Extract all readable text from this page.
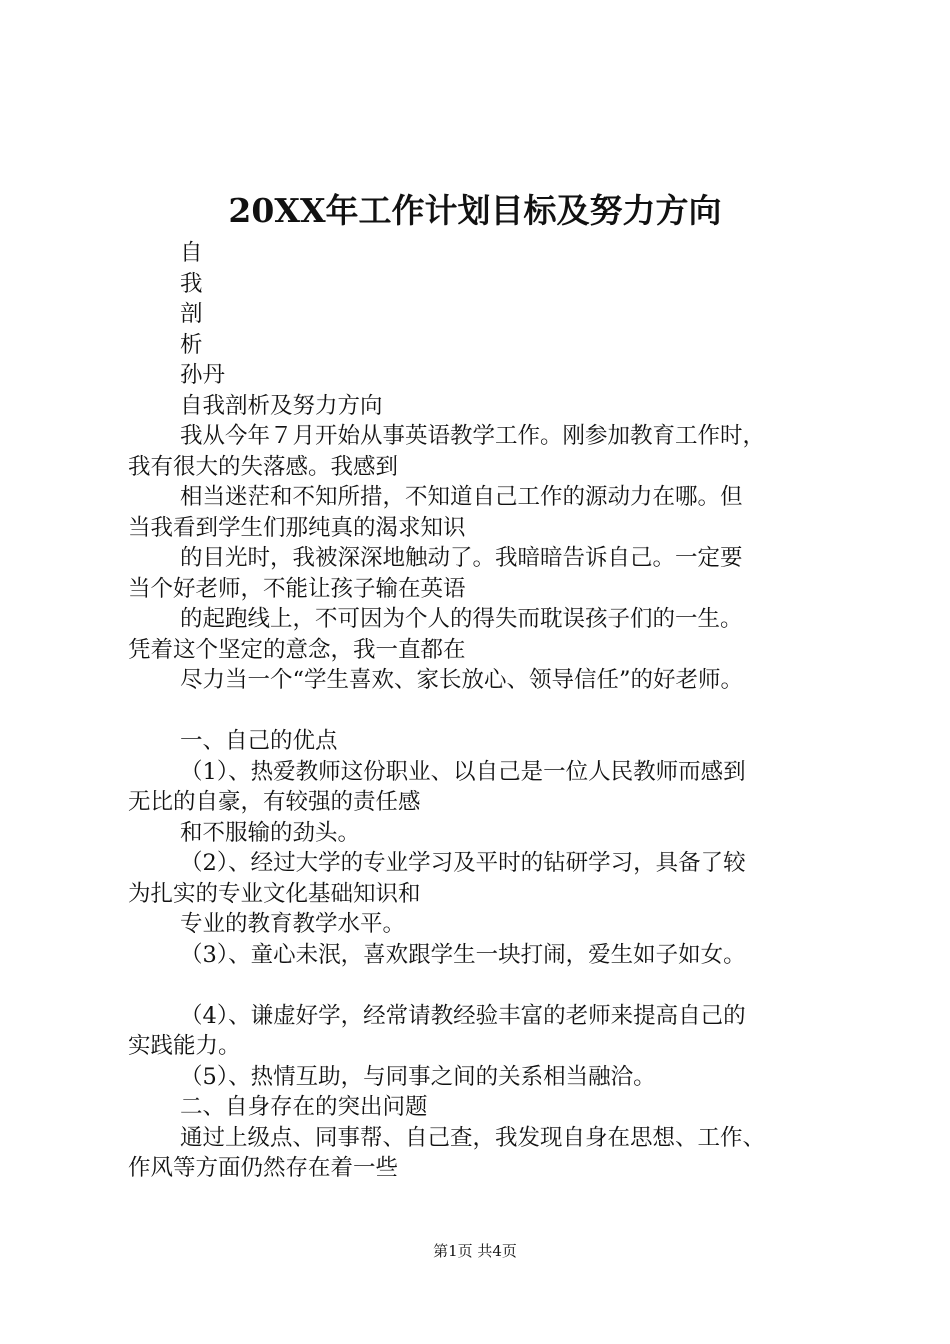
20XX年工作计划目标及努力方向
自
我
剖
析
孙丹
自我剖析及努力方向
我从今年７月开始从事英语教学工作。刚参加教育工作时，
我有很大的失落感。我感到
相当迷茫和不知所措，不知道自己工作的源动力在哪。但
当我看到学生们那纯真的渴求知识
的目光时，我被深深地触动了。我暗暗告诉自己。一定要
当个好老师，不能让孩子输在英语
的起跑线上，不可因为个人的得失而耽误孩子们的一生。
凭着这个坚定的意念，我一直都在
尽力当一个“学生喜欢、家长放心、领导信任”的好老师。
一、自己的优点
（1）、热爱教师这份职业、以自己是一位人民教师而感到
无比的自豪，有较强的责任感
和不服输的劲头。
（2）、经过大学的专业学习及平时的钻研学习，具备了较
为扎实的专业文化基础知识和
专业的教育教学水平。
（3）、童心未泯，喜欢跟学生一块打闹，爱生如子如女。
（4）、谦虚好学，经常请教经验丰富的老师来提高自己的
实践能力。
（5）、热情互助，与同事之间的关系相当融洽。
二、自身存在的突出问题
通过上级点、同事帮、自己查，我发现自身在思想、工作、
作风等方面仍然存在着一些
第1页 共4页
